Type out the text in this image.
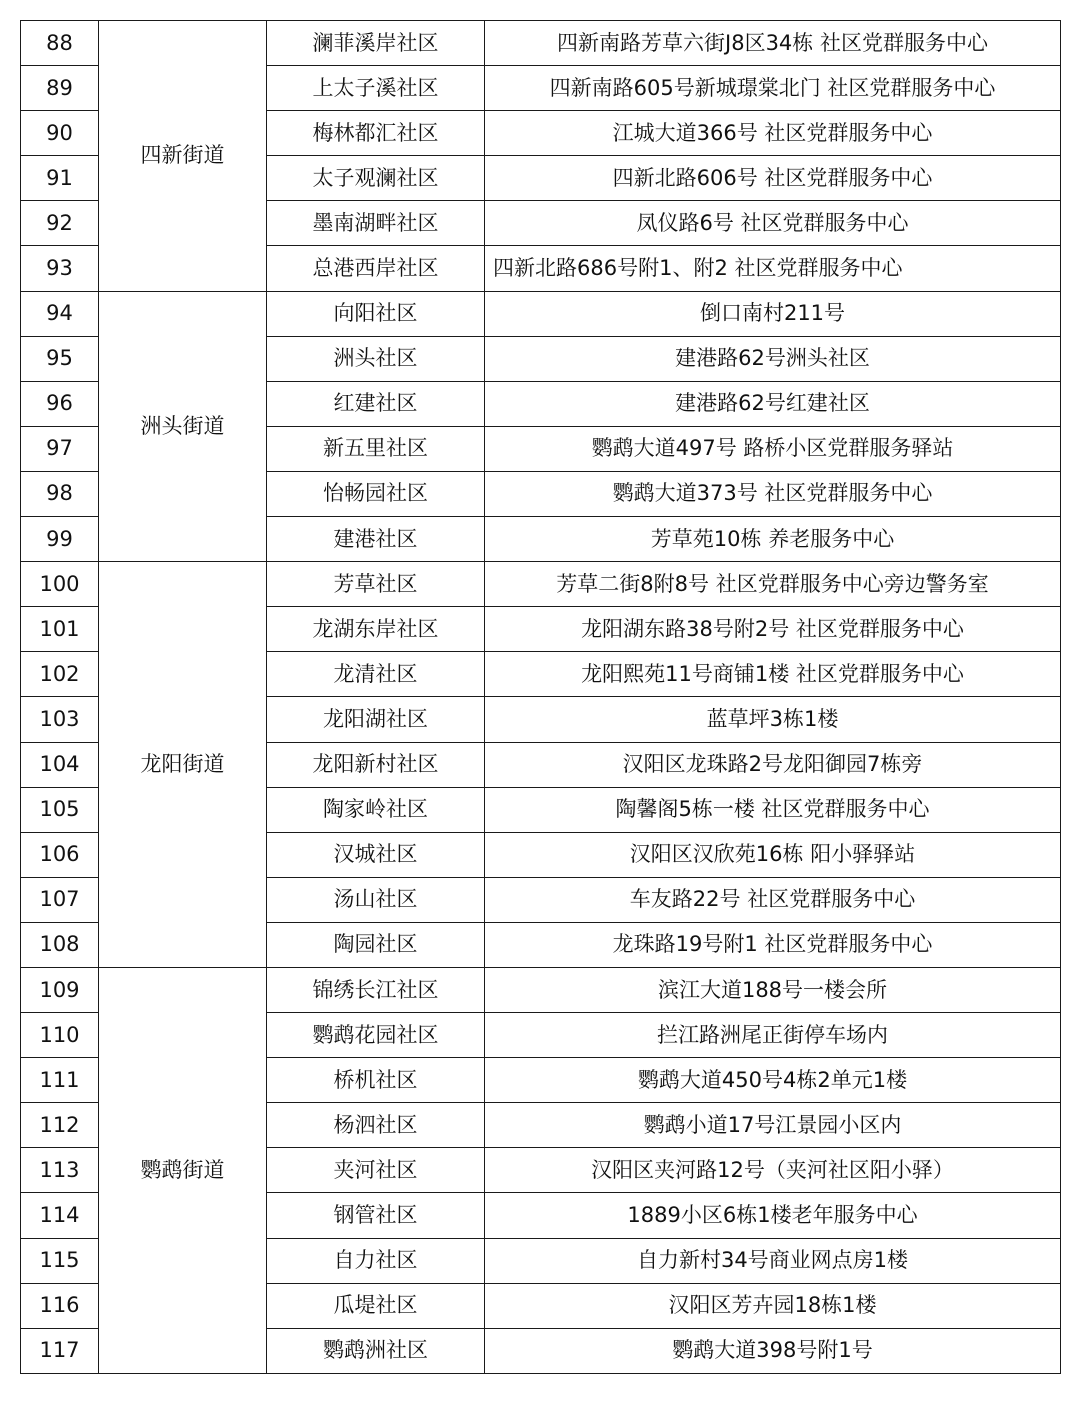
88	四新街道	澜菲溪岸社区	四新南路芳草六街J8区34栋 社区党群服务中心
89		上太子溪社区	四新南路605号新城璟棠北门 社区党群服务中心
90		梅林都汇社区	江城大道366号 社区党群服务中心
91		太子观澜社区	四新北路606号 社区党群服务中心
92		墨南湖畔社区	凤仪路6号 社区党群服务中心
93		总港西岸社区	四新北路686号附1、附2 社区党群服务中心
94	洲头街道	向阳社区	倒口南村211号
95		洲头社区	建港路62号洲头社区
96		红建社区	建港路62号红建社区
97		新五里社区	鹦鹉大道497号 路桥小区党群服务驿站
98		怡畅园社区	鹦鹉大道373号 社区党群服务中心
99		建港社区	芳草苑10栋 养老服务中心
100	龙阳街道	芳草社区	芳草二街8附8号 社区党群服务中心旁边警务室
101		龙湖东岸社区	龙阳湖东路38号附2号 社区党群服务中心
102		龙清社区	龙阳熙苑11号商铺1楼 社区党群服务中心
103		龙阳湖社区	蓝草坪3栋1楼
104		龙阳新村社区	汉阳区龙珠路2号龙阳御园7栋旁
105		陶家岭社区	陶馨阁5栋一楼 社区党群服务中心
106		汉城社区	汉阳区汉欣苑16栋 阳小驿驿站
107		汤山社区	车友路22号 社区党群服务中心
108		陶园社区	龙珠路19号附1 社区党群服务中心
109	鹦鹉街道	锦绣长江社区	滨江大道188号一楼会所
110		鹦鹉花园社区	拦江路洲尾正街停车场内
111		桥机社区	鹦鹉大道450号4栋2单元1楼
112		杨泗社区	鹦鹉小道17号江景园小区内
113		夹河社区	汉阳区夹河路12号（夹河社区阳小驿）
114		钢管社区	1889小区6栋1楼老年服务中心
115		自力社区	自力新村34号商业网点房1楼
116		瓜堤社区	汉阳区芳卉园18栋1楼
117		鹦鹉洲社区	鹦鹉大道398号附1号
